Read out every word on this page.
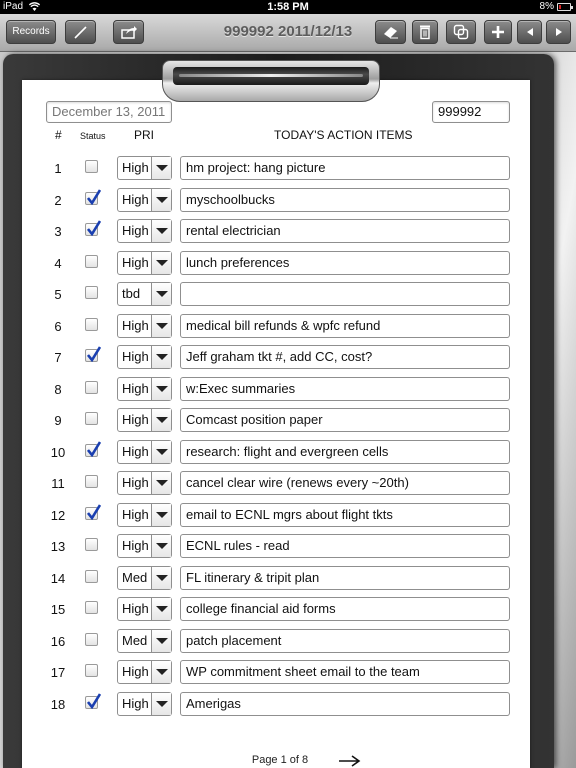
iPad	1:58 PM	8%
Records	999992 2011/12/13
December 13, 2011	999992
# Status PRI	TODAY'S ACTION ITEMS
1	High	hm project: hang picture
2	High	myschoolbucks
3	High	rental electrician
4	High	lunch preferences
5	tbd
6	High	medical bill refunds & wpfc refund
7	High	Jeff graham tkt #, add CC, cost?
8	High	w:Exec summaries
9	High	Comcast position paper
10	High	research: flight and evergreen cells
11	High	cancel clear wire (renews every ~20th)
12	High	email to ECNL mgrs about flight tkts
13	High	ECNL rules - read
14	Med	FL itinerary & tripit plan
15	High	college financial aid forms
16	Med	patch placement
17	High	WP commitment sheet email to the team
18	High	Amerigas
Page 1 of 8
